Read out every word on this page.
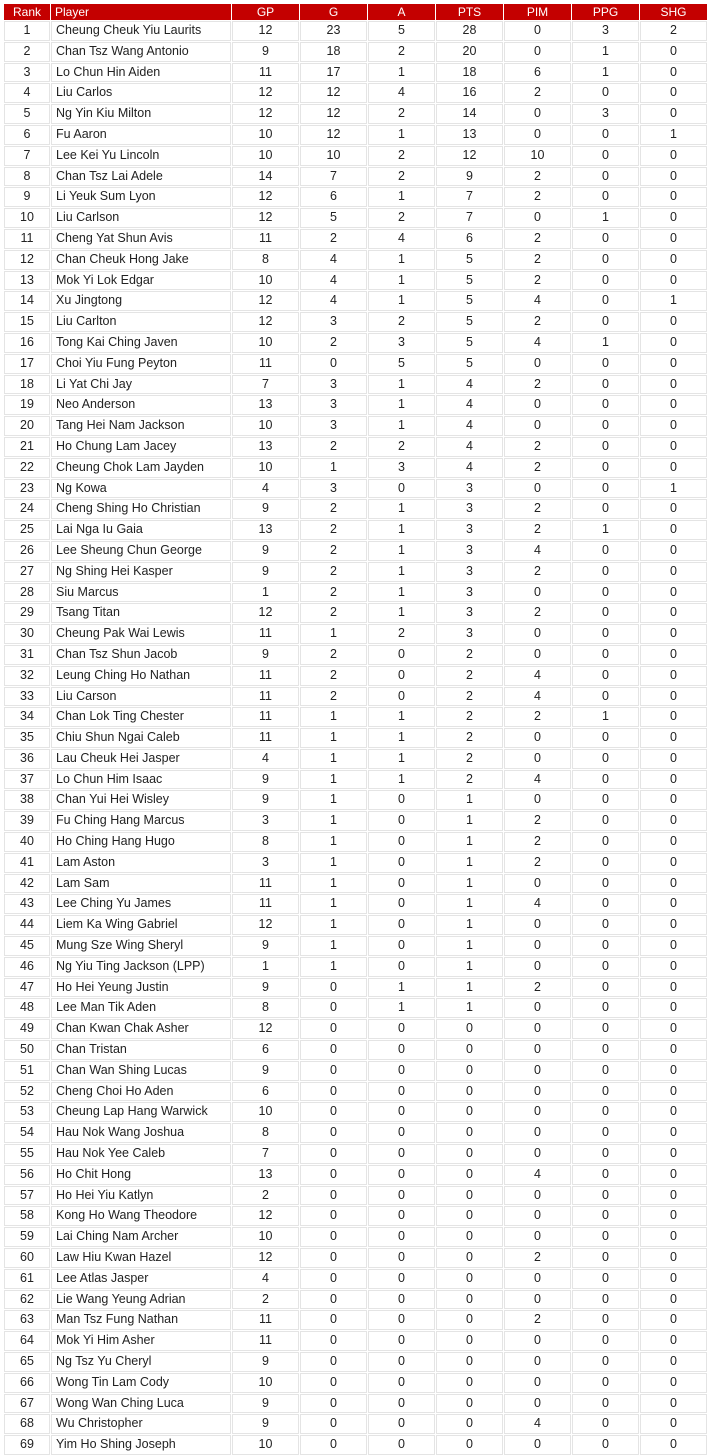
Rank	Player	GP	G	A	PTS	PIM	PPG	SHG
1	Cheung Cheuk Yiu Laurits	12	23	5	28	0	3	2
2	Chan Tsz Wang Antonio	9	18	2	20	0	1	0
3	Lo Chun Hin Aiden	11	17	1	18	6	1	0
4	Liu Carlos	12	12	4	16	2	0	0
5	Ng Yin Kiu Milton	12	12	2	14	0	3	0
6	Fu Aaron	10	12	1	13	0	0	1
7	Lee Kei Yu Lincoln	10	10	2	12	10	0	0
8	Chan Tsz Lai Adele	14	7	2	9	2	0	0
9	Li Yeuk Sum Lyon	12	6	1	7	2	0	0
10	Liu Carlson	12	5	2	7	0	1	0
11	Cheng Yat Shun Avis	11	2	4	6	2	0	0
12	Chan Cheuk Hong Jake	8	4	1	5	2	0	0
13	Mok Yi Lok Edgar	10	4	1	5	2	0	0
14	Xu Jingtong	12	4	1	5	4	0	1
15	Liu Carlton	12	3	2	5	2	0	0
16	Tong Kai Ching Javen	10	2	3	5	4	1	0
17	Choi Yiu Fung Peyton	11	0	5	5	0	0	0
18	Li Yat Chi Jay	7	3	1	4	2	0	0
19	Neo Anderson	13	3	1	4	0	0	0
20	Tang Hei Nam Jackson	10	3	1	4	0	0	0
21	Ho Chung Lam Jacey	13	2	2	4	2	0	0
22	Cheung Chok Lam Jayden	10	1	3	4	2	0	0
23	Ng Kowa	4	3	0	3	0	0	1
24	Cheng Shing Ho Christian	9	2	1	3	2	0	0
25	Lai Nga Iu Gaia	13	2	1	3	2	1	0
26	Lee Sheung Chun George	9	2	1	3	4	0	0
27	Ng Shing Hei Kasper	9	2	1	3	2	0	0
28	Siu Marcus	1	2	1	3	0	0	0
29	Tsang Titan	12	2	1	3	2	0	0
30	Cheung Pak Wai Lewis	11	1	2	3	0	0	0
31	Chan Tsz Shun Jacob	9	2	0	2	0	0	0
32	Leung Ching Ho Nathan	11	2	0	2	4	0	0
33	Liu Carson	11	2	0	2	4	0	0
34	Chan Lok Ting Chester	11	1	1	2	2	1	0
35	Chiu Shun Ngai Caleb	11	1	1	2	0	0	0
36	Lau Cheuk Hei Jasper	4	1	1	2	0	0	0
37	Lo Chun Him Isaac	9	1	1	2	4	0	0
38	Chan Yui Hei Wisley	9	1	0	1	0	0	0
39	Fu Ching Hang Marcus	3	1	0	1	2	0	0
40	Ho Ching Hang Hugo	8	1	0	1	2	0	0
41	Lam Aston	3	1	0	1	2	0	0
42	Lam Sam	11	1	0	1	0	0	0
43	Lee Ching Yu James	11	1	0	1	4	0	0
44	Liem Ka Wing Gabriel	12	1	0	1	0	0	0
45	Mung Sze Wing Sheryl	9	1	0	1	0	0	0
46	Ng Yiu Ting Jackson (LPP)	1	1	0	1	0	0	0
47	Ho Hei Yeung Justin	9	0	1	1	2	0	0
48	Lee Man Tik Aden	8	0	1	1	0	0	0
49	Chan Kwan Chak Asher	12	0	0	0	0	0	0
50	Chan Tristan	6	0	0	0	0	0	0
51	Chan Wan Shing Lucas	9	0	0	0	0	0	0
52	Cheng Choi Ho Aden	6	0	0	0	0	0	0
53	Cheung Lap Hang Warwick	10	0	0	0	0	0	0
54	Hau Nok Wang Joshua	8	0	0	0	0	0	0
55	Hau Nok Yee Caleb	7	0	0	0	0	0	0
56	Ho Chit Hong	13	0	0	0	4	0	0
57	Ho Hei Yiu Katlyn	2	0	0	0	0	0	0
58	Kong Ho Wang Theodore	12	0	0	0	0	0	0
59	Lai Ching Nam Archer	10	0	0	0	0	0	0
60	Law Hiu Kwan Hazel	12	0	0	0	2	0	0
61	Lee Atlas Jasper	4	0	0	0	0	0	0
62	Lie Wang Yeung Adrian	2	0	0	0	0	0	0
63	Man Tsz Fung Nathan	11	0	0	0	2	0	0
64	Mok Yi Him Asher	11	0	0	0	0	0	0
65	Ng Tsz Yu Cheryl	9	0	0	0	0	0	0
66	Wong Tin Lam Cody	10	0	0	0	0	0	0
67	Wong Wan Ching Luca	9	0	0	0	0	0	0
68	Wu Christopher	9	0	0	0	4	0	0
69	Yim Ho Shing Joseph	10	0	0	0	0	0	0
